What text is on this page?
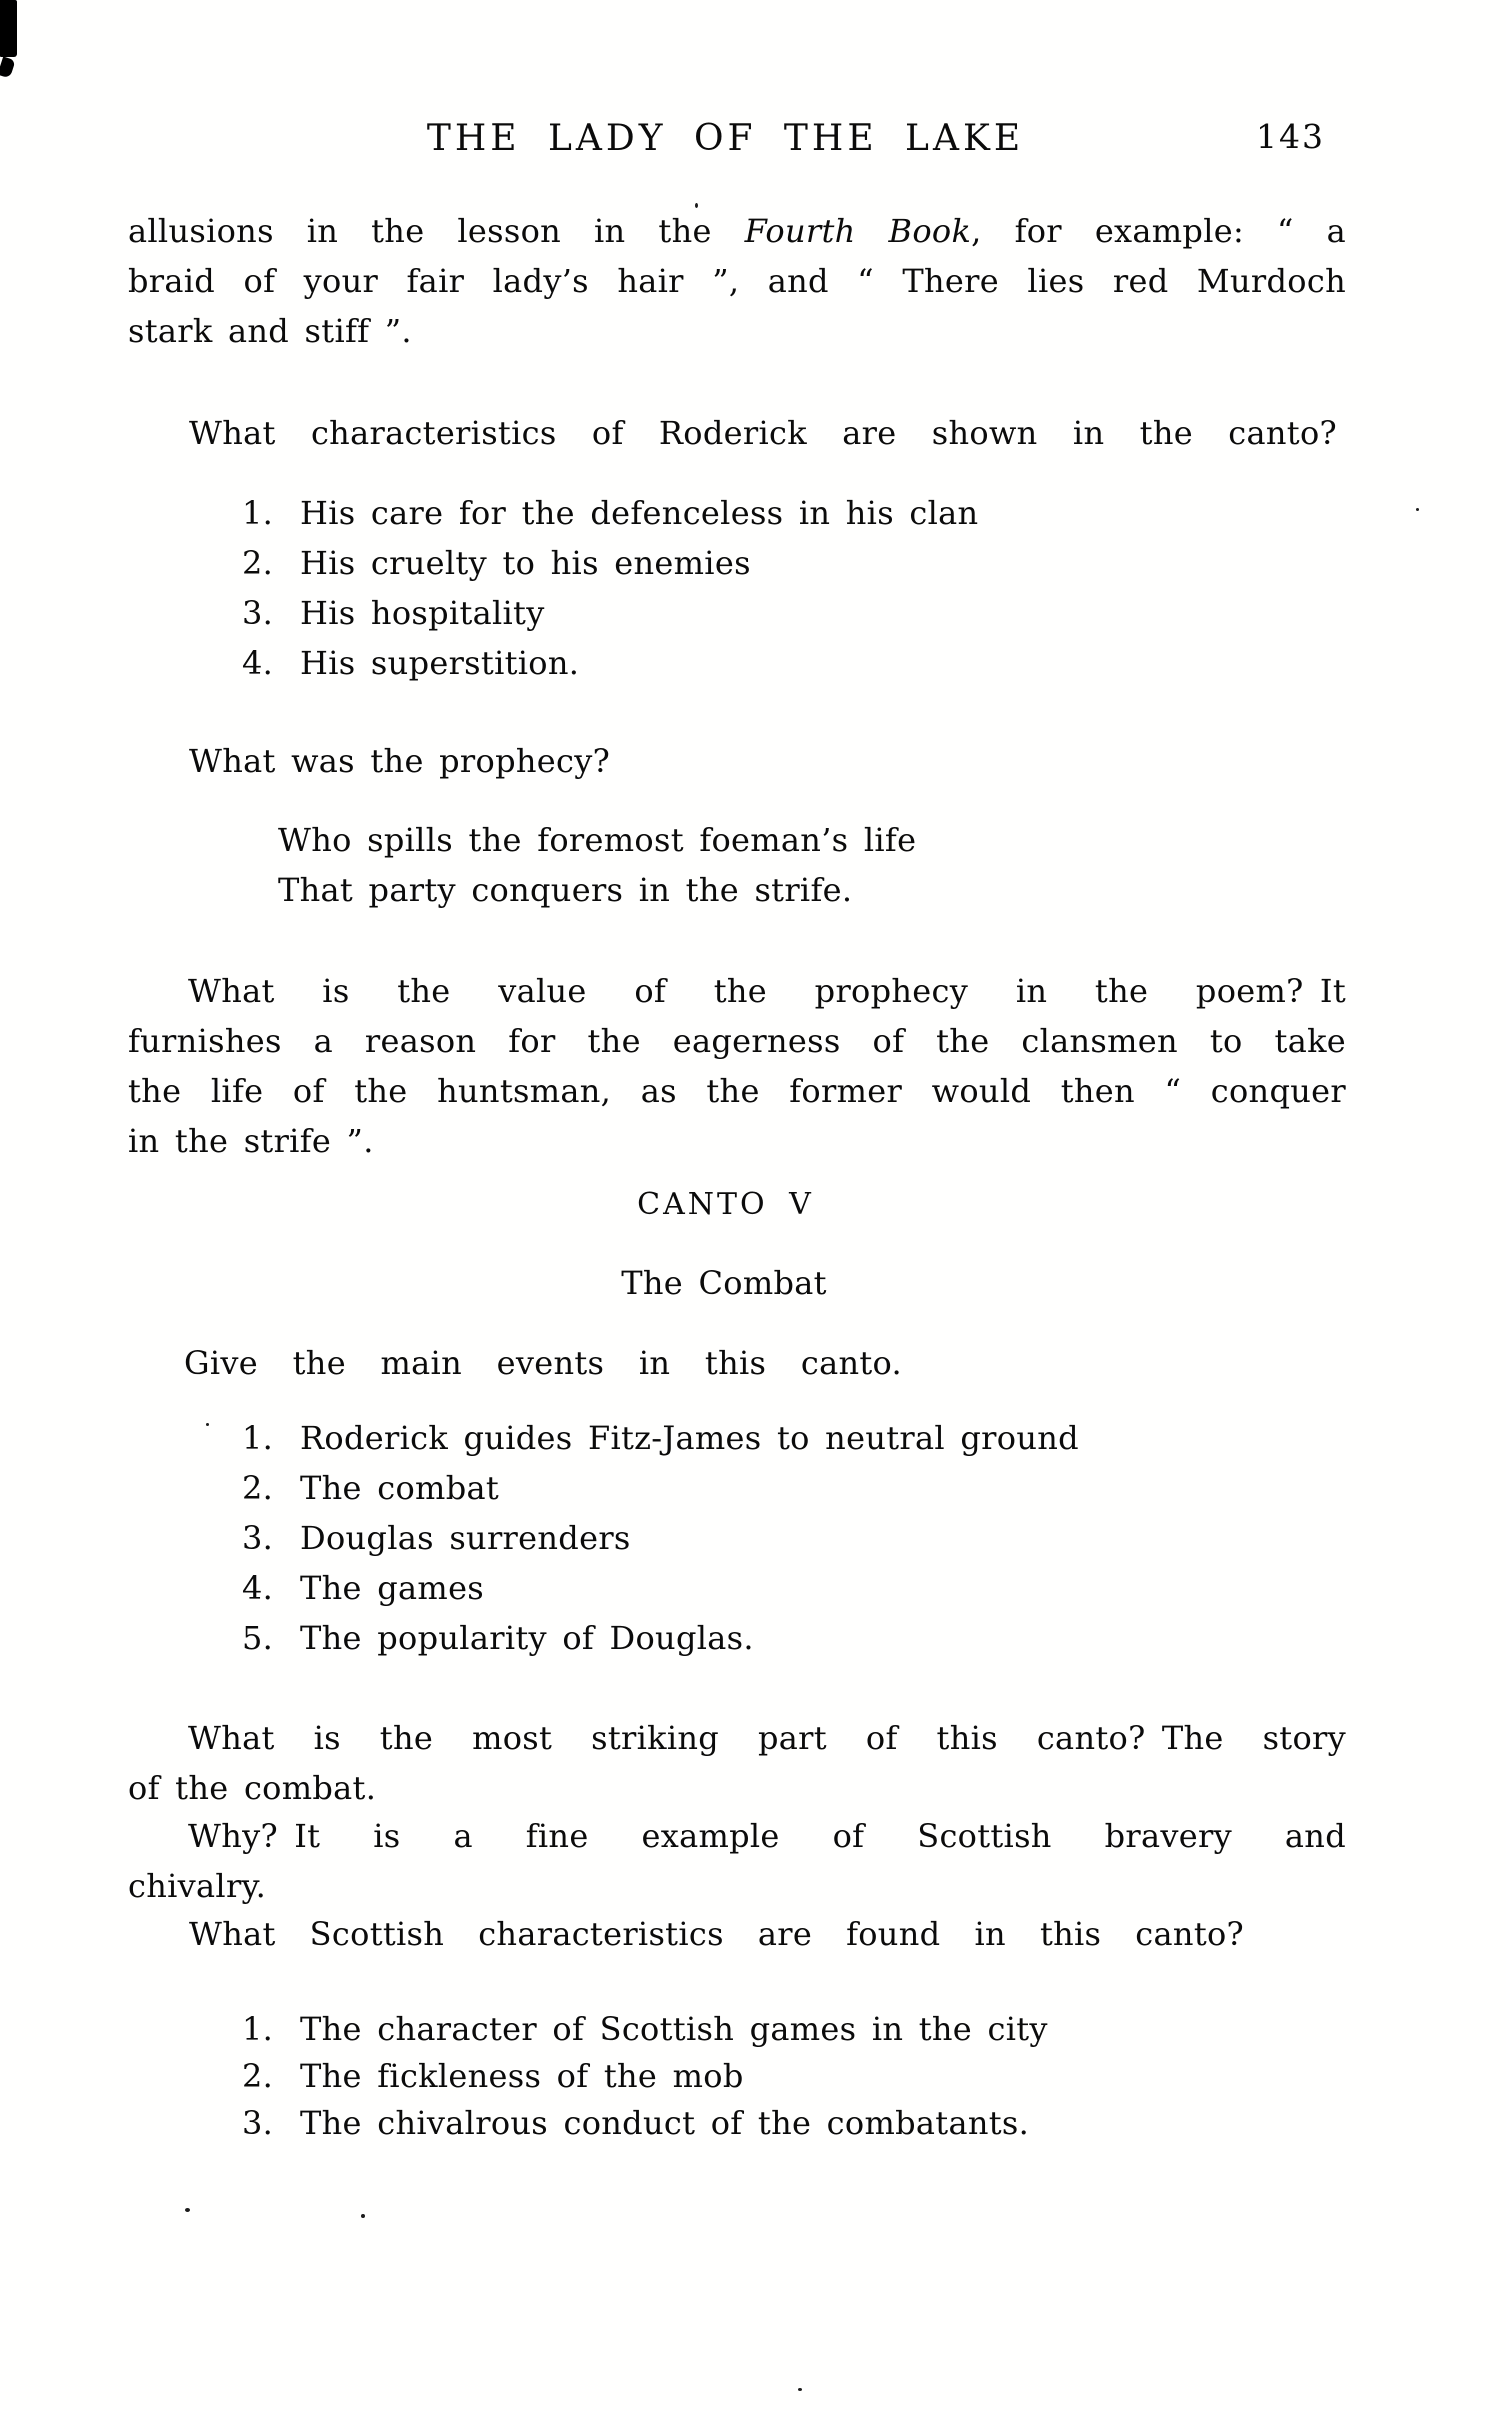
THE LADY OF THE LAKE	143
allusions in the lesson in the Fourth Book, for example: “ a
braid of your fair lady’s hair ”, and “ There lies red Murdoch
stark and stiff ”.
What characteristics of Roderick are shown in the canto?
1. His care for the defenceless in his clan
2. His cruelty to his enemies
3. His hospitality
4. His superstition.
What was the prophecy?
Who spills the foremost foeman’s life
That party conquers in the strife.
What is the value of the prophecy in the poem? It
furnishes a reason for the eagerness of the clansmen to take
the life of the huntsman, as the former would then “ conquer
in the strife ”.
CANTO V
The Combat
Give the main events in this canto.
1. Roderick guides Fitz-James to neutral ground
2. The combat
3. Douglas surrenders
4. The games
5. The popularity of Douglas.
What is the most striking part of this canto? The story
of the combat.
Why? It is a fine example of Scottish bravery and
chivalry.
What Scottish characteristics are found in this canto?
1. The character of Scottish games in the city
2. The fickleness of the mob
3. The chivalrous conduct of the combatants.
